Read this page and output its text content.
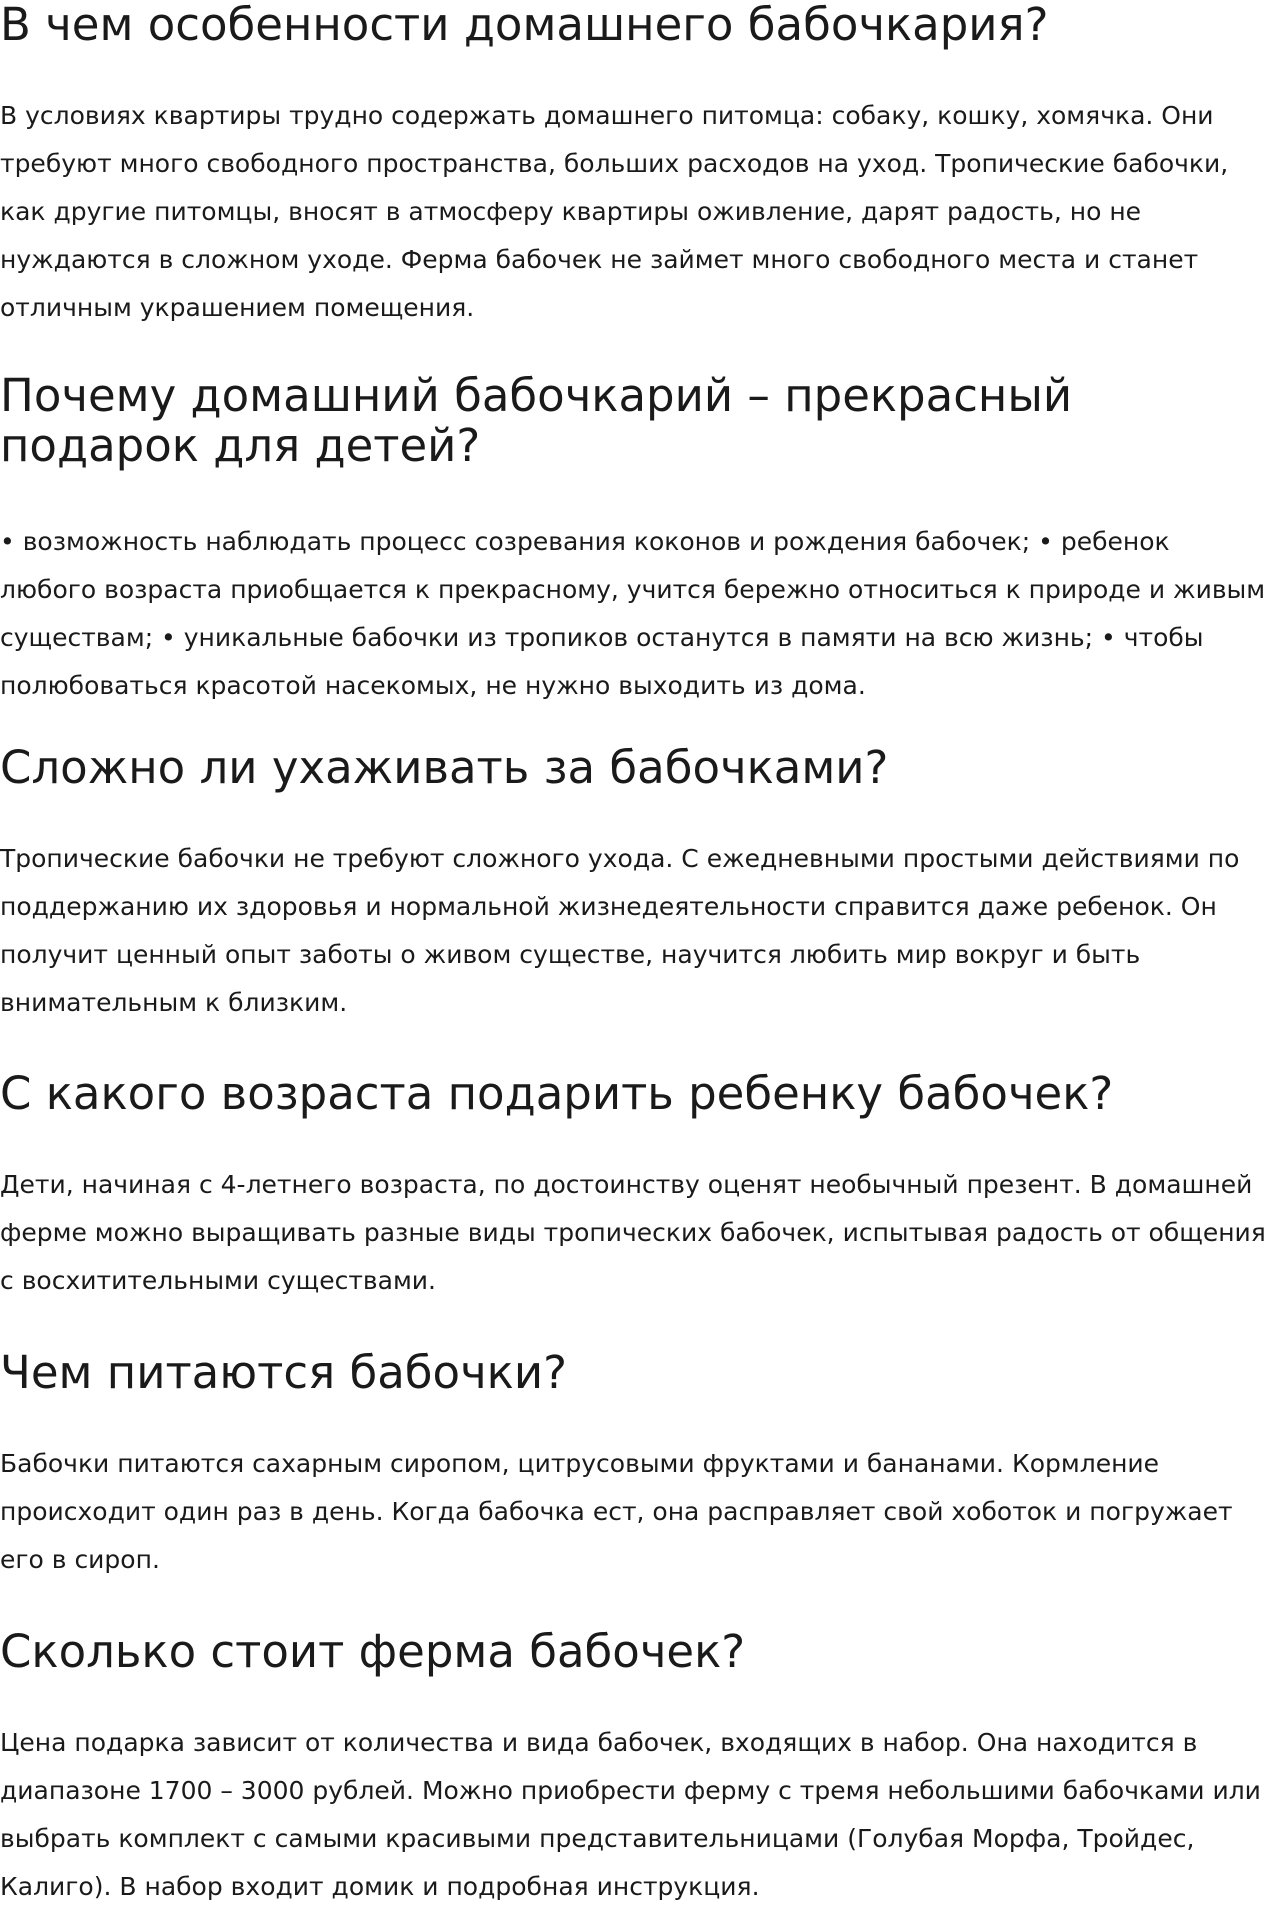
В чем особенности домашнего бабочкария?

В условиях квартиры трудно содержать домашнего питомца: собаку, кошку, хомячка. Они требуют много свободного пространства, больших расходов на уход. Тропические бабочки, как другие питомцы, вносят в атмосферу квартиры оживление, дарят радость, но не нуждаются в сложном уходе. Ферма бабочек не займет много свободного места и станет отличным украшением помещения.

Почему домашний бабочкарий – прекрасный подарок для детей?

• возможность наблюдать процесс созревания коконов и рождения бабочек; • ребенок любого возраста приобщается к прекрасному, учится бережно относиться к природе и живым существам; • уникальные бабочки из тропиков останутся в памяти на всю жизнь; • чтобы полюбоваться красотой насекомых, не нужно выходить из дома.

Сложно ли ухаживать за бабочками?

Тропические бабочки не требуют сложного ухода. С ежедневными простыми действиями по поддержанию их здоровья и нормальной жизнедеятельности справится даже ребенок. Он получит ценный опыт заботы о живом существе, научится любить мир вокруг и быть внимательным к близким.

С какого возраста подарить ребенку бабочек?

Дети, начиная с 4-летнего возраста, по достоинству оценят необычный презент. В домашней ферме можно выращивать разные виды тропических бабочек, испытывая радость от общения с восхитительными существами.

Чем питаются бабочки?

Бабочки питаются сахарным сиропом, цитрусовыми фруктами и бананами. Кормление происходит один раз в день. Когда бабочка ест, она расправляет свой хоботок и погружает его в сироп.

Сколько стоит ферма бабочек?

Цена подарка зависит от количества и вида бабочек, входящих в набор. Она находится в диапазоне 1700 – 3000 рублей. Можно приобрести ферму с тремя небольшими бабочками или выбрать комплект с самыми красивыми представительницами (Голубая Морфа, Тройдес, Калиго). В набор входит домик и подробная инструкция.
